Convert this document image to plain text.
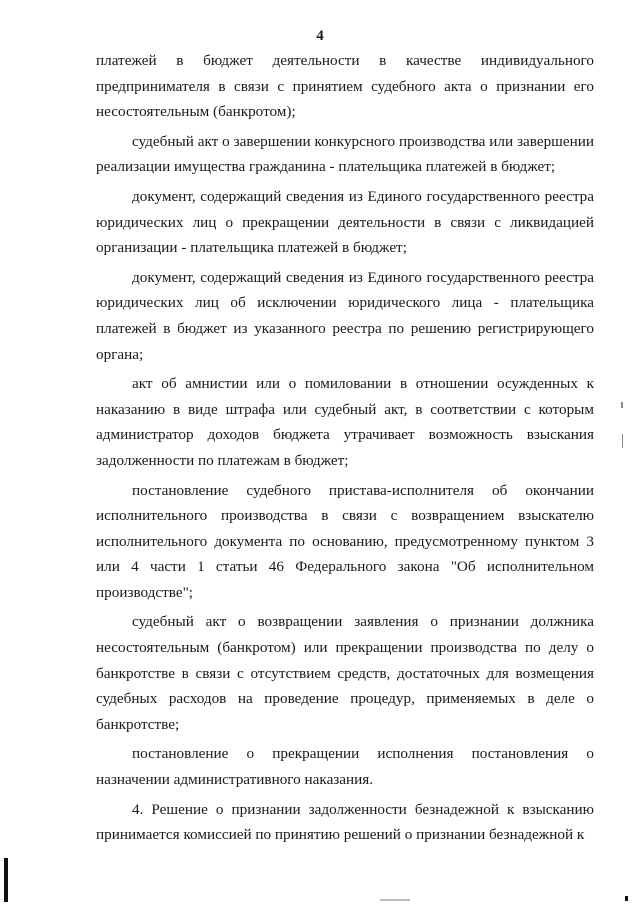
4

платежей в бюджет деятельности в качестве индивидуального предпринимателя в связи с принятием судебного акта о признании его несостоятельным (банкротом);

судебный акт о завершении конкурсного производства или завершении реализации имущества гражданина - плательщика платежей в бюджет;

документ, содержащий сведения из Единого государственного реестра юридических лиц о прекращении деятельности в связи с ликвидацией организации - плательщика платежей в бюджет;

документ, содержащий сведения из Единого государственного реестра юридических лиц об исключении юридического лица - плательщика платежей в бюджет из указанного реестра по решению регистрирующего органа;

акт об амнистии или о помиловании в отношении осужденных к наказанию в виде штрафа или судебный акт, в соответствии с которым администратор доходов бюджета утрачивает возможность взыскания задолженности по платежам в бюджет;

постановление судебного пристава-исполнителя об окончании исполнительного производства в связи с возвращением взыскателю исполнительного документа по основанию, предусмотренному пунктом 3 или 4 части 1 статьи 46 Федерального закона "Об исполнительном производстве";

судебный акт о возвращении заявления о признании должника несостоятельным (банкротом) или прекращении производства по делу о банкротстве в связи с отсутствием средств, достаточных для возмещения судебных расходов на проведение процедур, применяемых в деле о банкротстве;

постановление о прекращении исполнения постановления о назначении административного наказания.

4. Решение о признании задолженности безнадежной к взысканию принимается комиссией по принятию решений о признании безнадежной к
